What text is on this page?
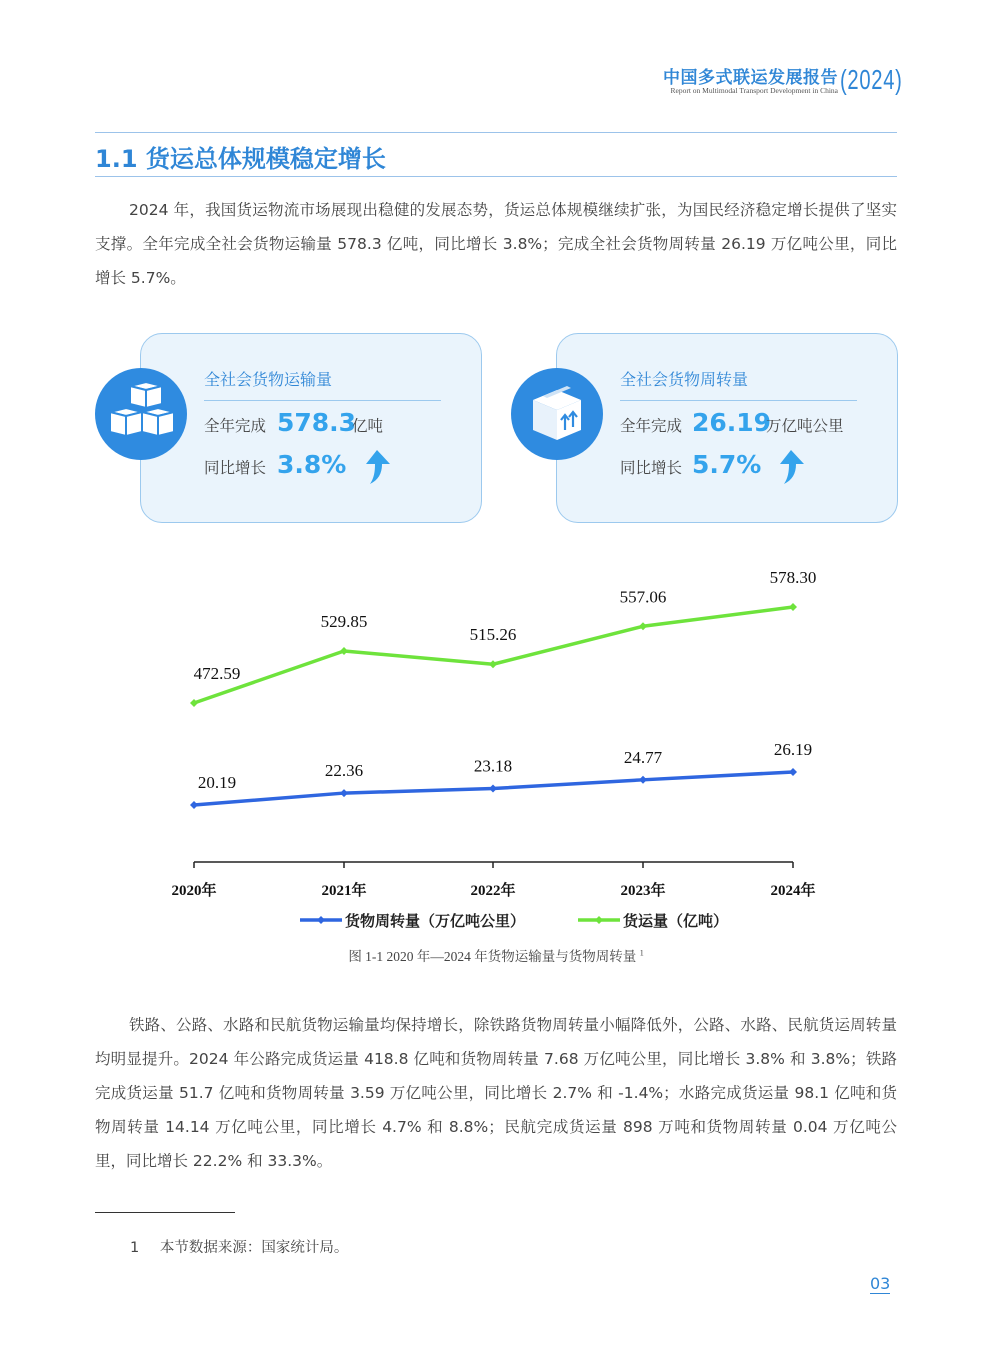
中国多式联运发展报告
Report on Multimodal Transport Development in China (2024)
1.1 货运总体规模稳定增长
2024 年，我国货运物流市场展现出稳健的发展态势，货运总体规模继续扩张，为国民经济稳定增长提供了坚实支撑。全年完成全社会货物运输量 578.3 亿吨，同比增长 3.8%；完成全社会货物周转量 26.19 万亿吨公里，同比增长 5.7%。
全社会货物运输量
全年完成 578.3
亿吨
同比增长 3.8%
全社会货物周转量
全年完成 26.19
万亿吨公里
同比增长 5.7%
2020年	2021年	2022年	2023年	2024年
20.19
22.36	23.18	24.77	26.19
472.59
529.85
515.26
557.06
578.30
货物周转量（万亿吨公里）	货运量（亿吨）
图 1-1 2020 年—2024 年货物运输量与货物周转量 $^1$
铁路、公路、水路和民航货物运输量均保持增长，除铁路货物周转量小幅降低外，公路、水路、民航货运周转量均明显提升。2024 年公路完成货运量 418.8 亿吨和货物周转量 7.68 万亿吨公里，同比增长 3.8% 和 3.8%；铁路完成货运量 51.7 亿吨和货物周转量 3.59 万亿吨公里，同比增长 2.7% 和 -1.4%；水路完成货运量 98.1 亿吨和货物周转量 14.14 万亿吨公里，同比增长 4.7% 和 8.8%；民航完成货运量 898 万吨和货物周转量 0.04 万亿吨公里，同比增长 22.2% 和 33.3%。
1 本节数据来源：国家统计局。
03
